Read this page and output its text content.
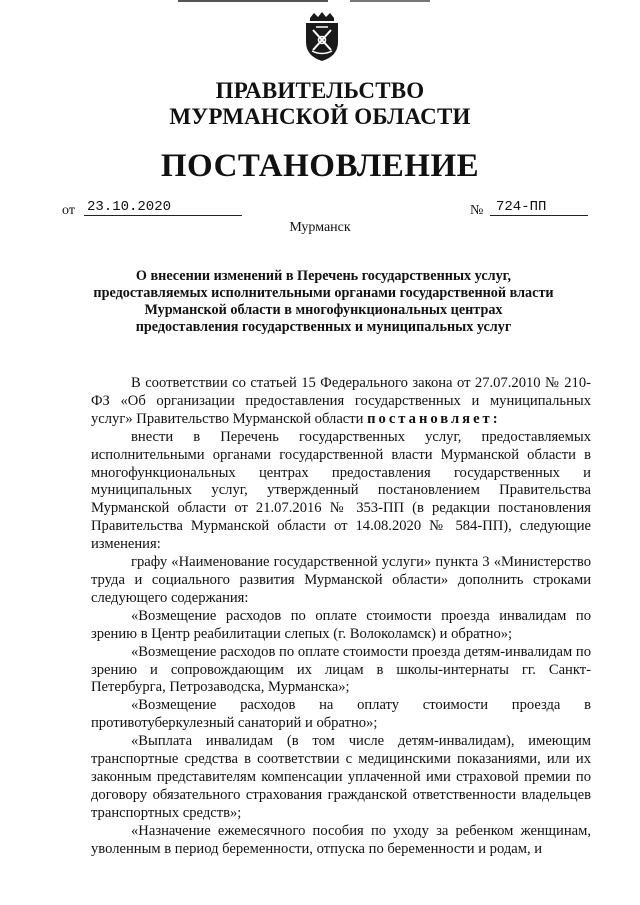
ПРАВИТЕЛЬСТВО
МУРМАНСКОЙ ОБЛАСТИ
ПОСТАНОВЛЕНИЕ
от 23.10.2020	№ 724-ПП
Мурманск
О внесении изменений в Перечень государственных услуг, предоставляемых исполнительными органами государственной власти Мурманской области в многофункциональных центрах предоставления государственных и муниципальных услуг

В соответствии со статьей 15 Федерального закона от 27.07.2010 № 210-ФЗ «Об организации предоставления государственных и муниципальных услуг» Правительство Мурманской области постановляет:

внести в Перечень государственных услуг, предоставляемых исполнительными органами государственной власти Мурманской области в многофункциональных центрах предоставления государственных и муниципальных услуг, утвержденный постановлением Правительства Мурманской области от 21.07.2016 № 353-ПП (в редакции постановления Правительства Мурманской области от 14.08.2020 № 584-ПП), следующие изменения:

графу «Наименование государственной услуги» пункта 3 «Министерство труда и социального развития Мурманской области» дополнить строками следующего содержания:

«Возмещение расходов по оплате стоимости проезда инвалидам по зрению в Центр реабилитации слепых (г. Волоколамск) и обратно»;

«Возмещение расходов по оплате стоимости проезда детям-инвалидам по зрению и сопровождающим их лицам в школы-интернаты гг. Санкт-Петербурга, Петрозаводска, Мурманска»;

«Возмещение расходов на оплату стоимости проезда в противотуберкулезный санаторий и обратно»;

«Выплата инвалидам (в том числе детям-инвалидам), имеющим транспортные средства в соответствии с медицинскими показаниями, или их законным представителям компенсации уплаченной ими страховой премии по договору обязательного страхования гражданской ответственности владельцев транспортных средств»;

«Назначение ежемесячного пособия по уходу за ребенком женщинам, уволенным в период беременности, отпуска по беременности и родам, и
